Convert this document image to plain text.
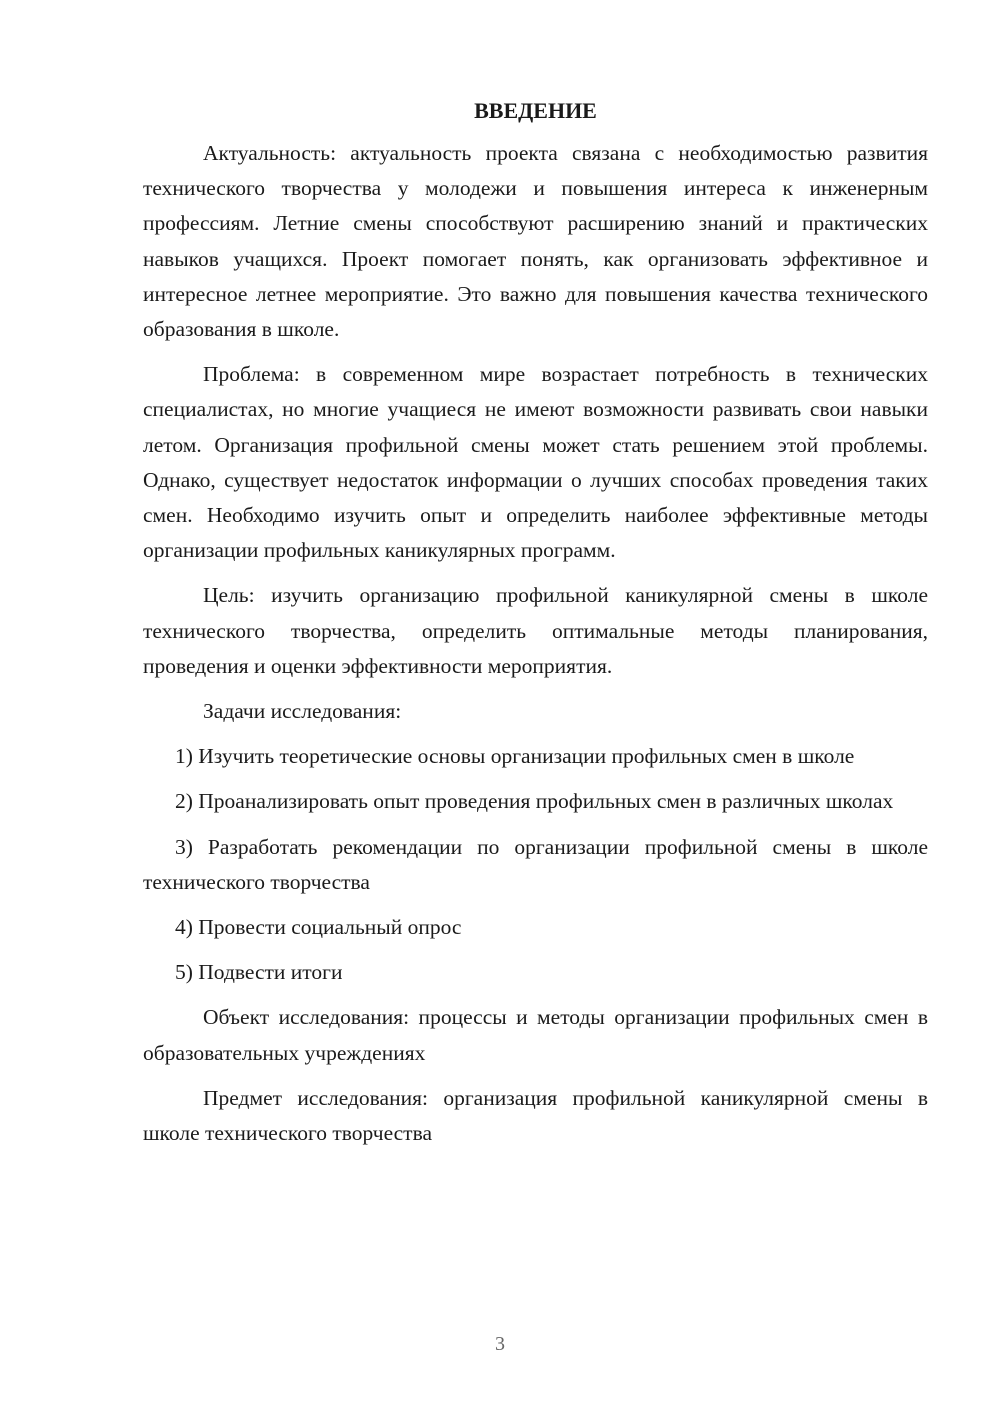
ВВЕДЕНИЕ

Актуальность: актуальность проекта связана с необходимостью развития технического творчества у молодежи и повышения интереса к инженерным профессиям. Летние смены способствуют расширению знаний и практических навыков учащихся. Проект помогает понять, как организовать эффективное и интересное летнее мероприятие. Это важно для повышения качества технического образования в школе.

Проблема: в современном мире возрастает потребность в технических специалистах, но многие учащиеся не имеют возможности развивать свои навыки летом. Организация профильной смены может стать решением этой проблемы. Однако, существует недостаток информации о лучших способах проведения таких смен. Необходимо изучить опыт и определить наиболее эффективные методы организации профильных каникулярных программ.

Цель: изучить организацию профильной каникулярной смены в школе технического творчества, определить оптимальные методы планирования, проведения и оценки эффективности мероприятия.

Задачи исследования:

1) Изучить теоретические основы организации профильных смен в школе

2) Проанализировать опыт проведения профильных смен в различных школах

3) Разработать рекомендации по организации профильной смены в школе технического творчества

4) Провести социальный опрос

5) Подвести итоги

Объект исследования: процессы и методы организации профильных смен в образовательных учреждениях

Предмет исследования: организация профильной каникулярной смены в школе технического творчества

3
